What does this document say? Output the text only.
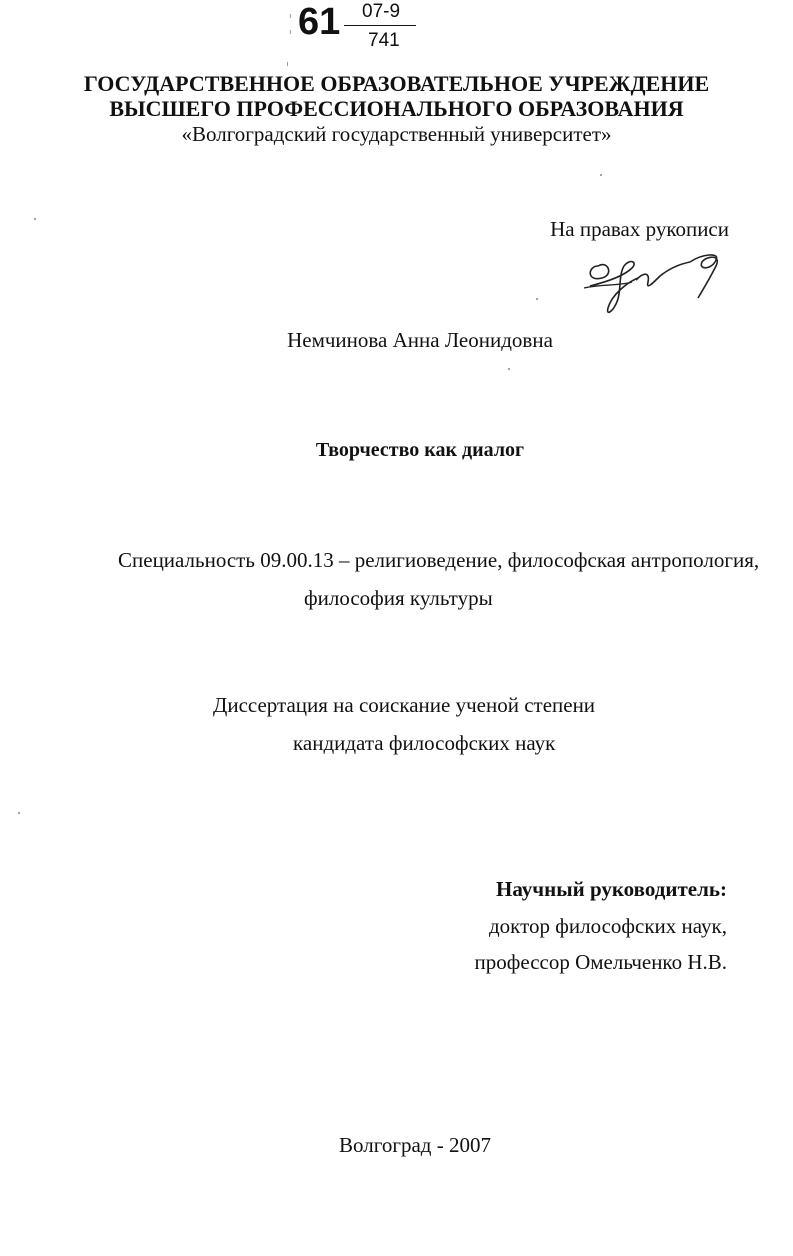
61 07-9
741
ГОСУДАРСТВЕННОЕ ОБРАЗОВАТЕЛЬНОЕ УЧРЕЖДЕНИЕ
ВЫСШЕГО ПРОФЕССИОНАЛЬНОГО ОБРАЗОВАНИЯ
«Волгоградский государственный университет»
На правах рукописи
Немчинова Анна Леонидовна
Творчество как диалог
Специальность 09.00.13 – религиоведение, философская антропология,
философия культуры
Диссертация на соискание ученой степени
кандидата философских наук
Научный руководитель:
доктор философских наук,
профессор Омельченко Н.В.
Волгоград - 2007
